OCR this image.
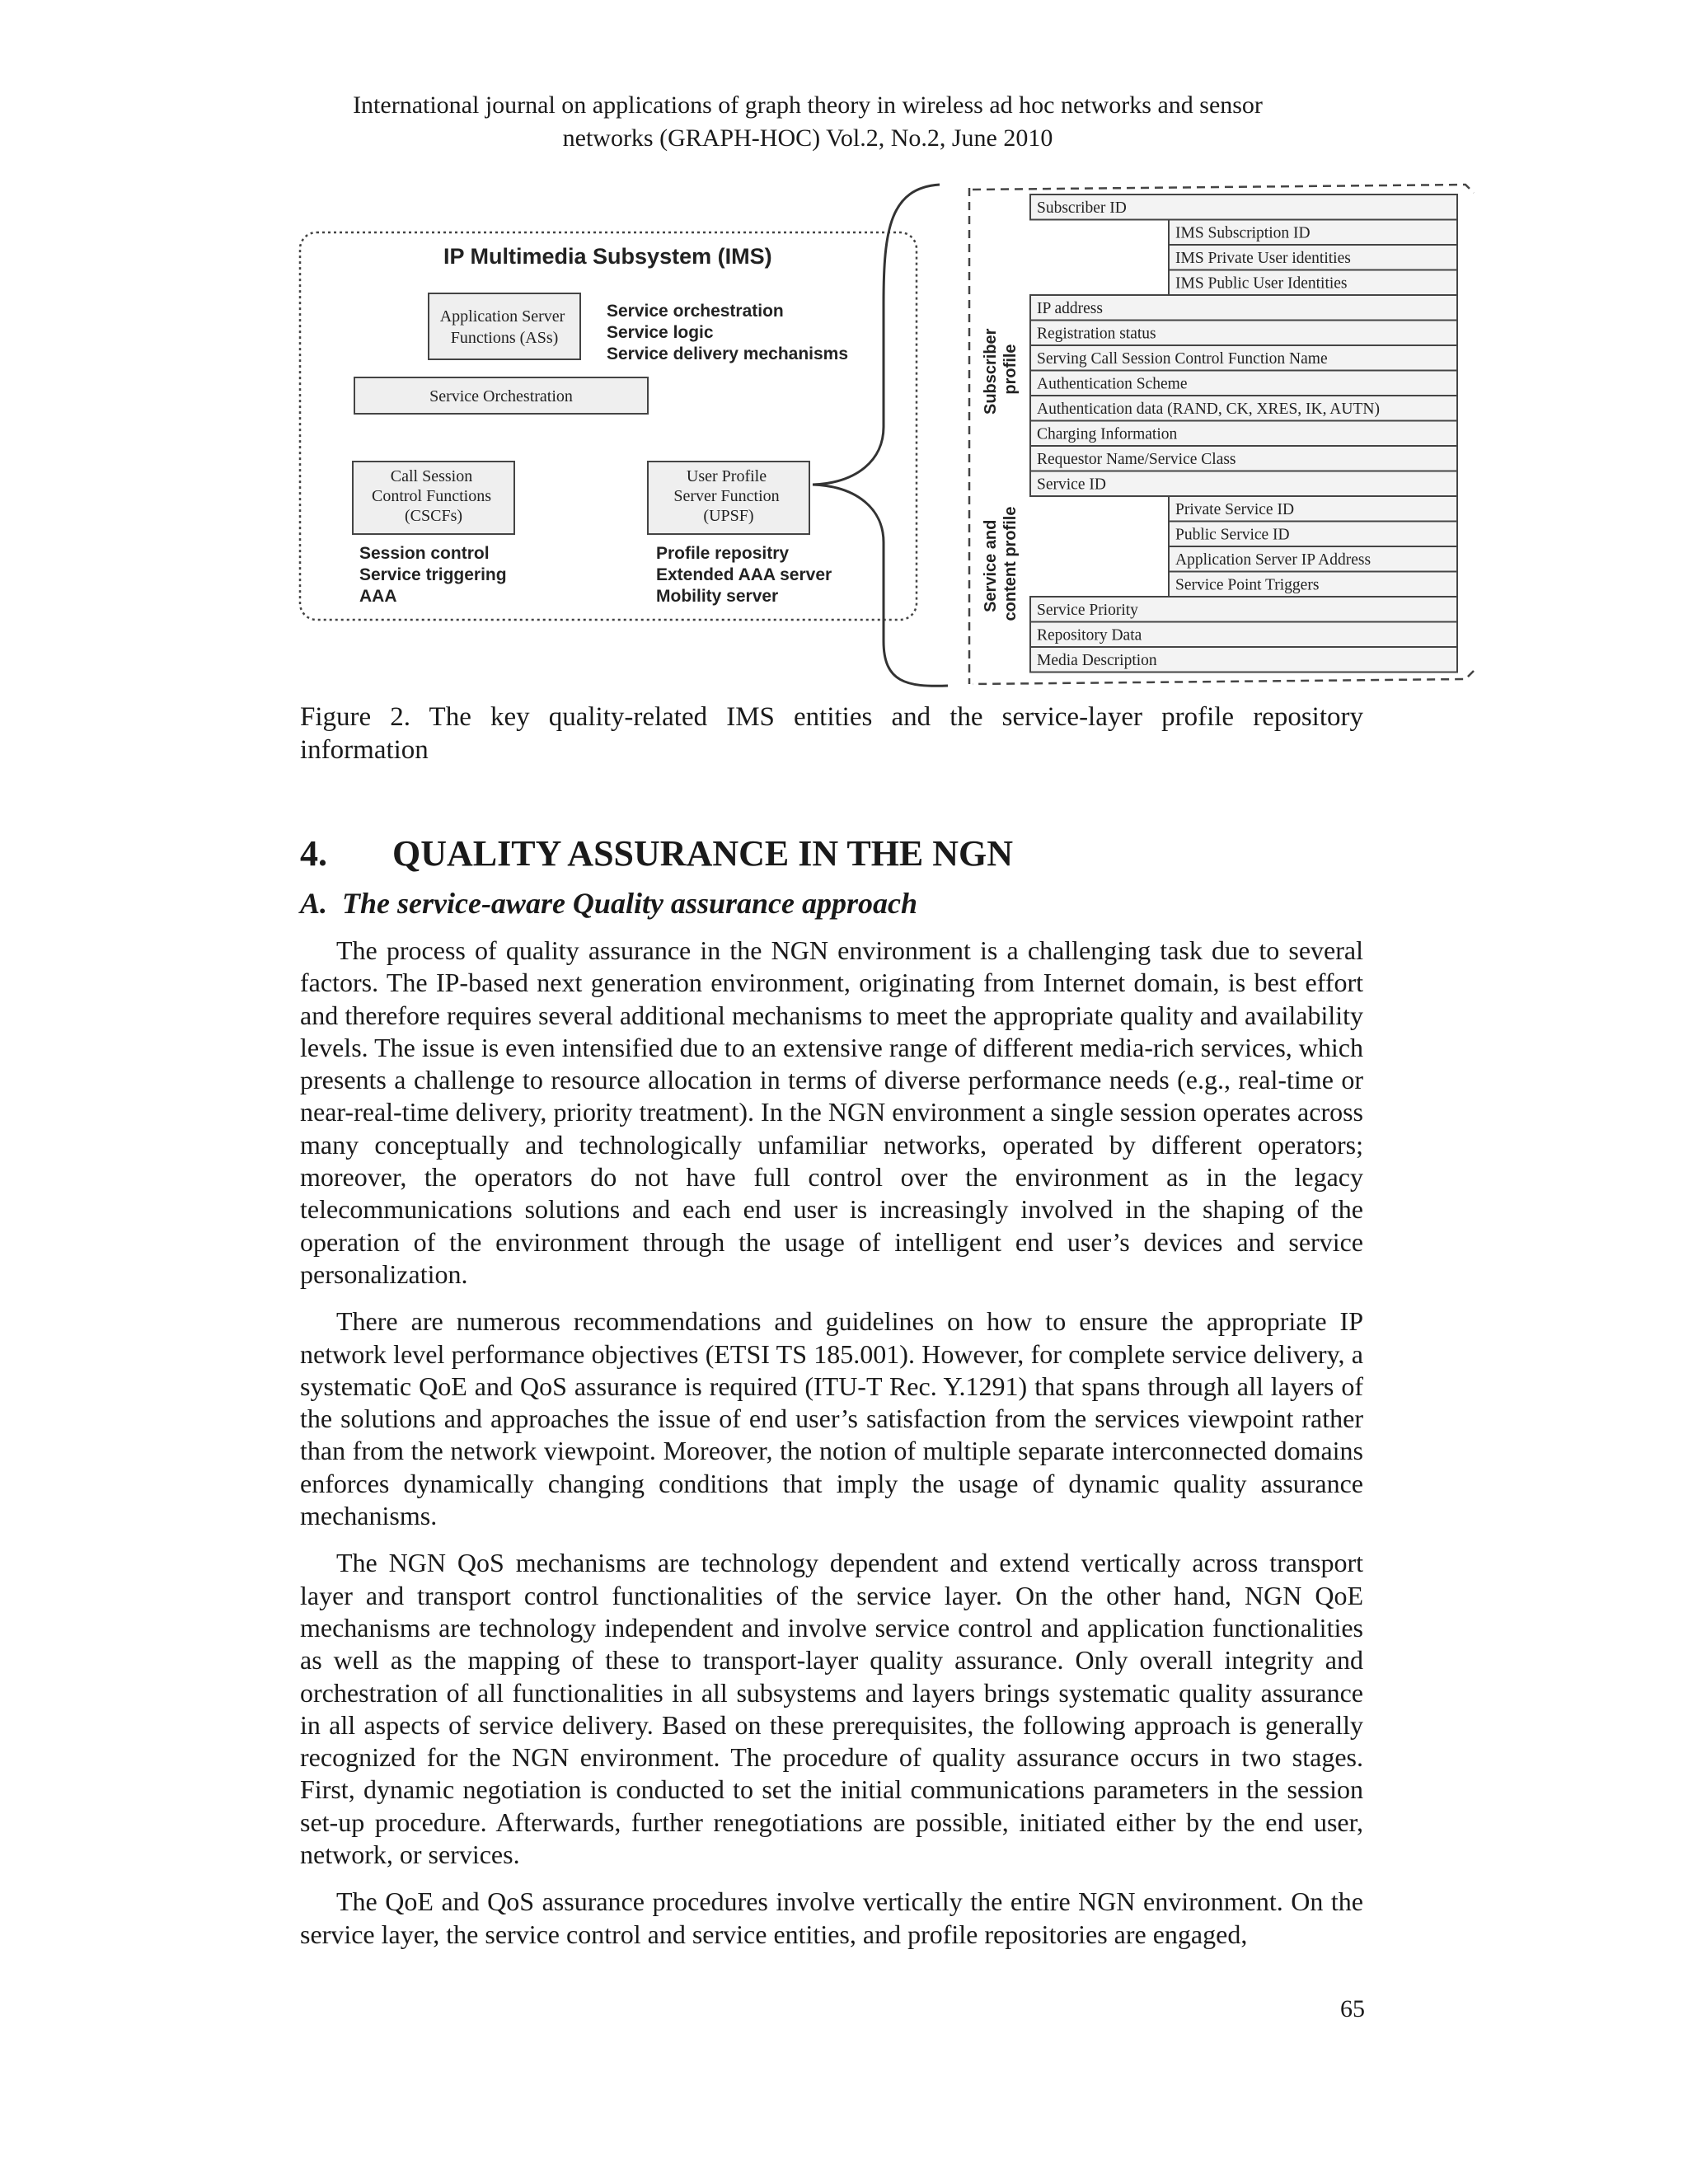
International journal on applications of graph theory in wireless ad hoc networks and sensor
networks (GRAPH-HOC) Vol.2, No.2, June 2010
IP Multimedia Subsystem (IMS)
Application Server Functions (ASs)
Service orchestration Service logic Service delivery mechanisms
Service Orchestration
Call Session Control Functions (CSCFs)
Session control Service triggering AAA
User Profile Server Function (UPSF)
Profile repositry Extended AAA server Mobility server
Subscriber profile
Service and content profile
Subscriber ID
IMS Subscription ID
IMS Private User identities
IMS Public User Identities
IP address
Registration status
Serving Call Session Control Function Name
Authentication Scheme
Authentication data (RAND, CK, XRES, IK, AUTN)
Charging Information
Requestor Name/Service Class
Service ID
Private Service ID
Public Service ID
Application Server IP Address
Service Point Triggers
Service Priority
Repository Data
Media Description
Figure 2. The key quality-related IMS entities and the service-layer profile repository information
4. QUALITY ASSURANCE IN THE NGN
A. The service-aware Quality assurance approach

The process of quality assurance in the NGN environment is a challenging task due to several factors. The IP-based next generation environment, originating from Internet domain, is best effort and therefore requires several additional mechanisms to meet the appropriate quality and availability levels. The issue is even intensified due to an extensive range of different media-rich services, which presents a challenge to resource allocation in terms of diverse performance needs (e.g., real-time or near-real-time delivery, priority treatment). In the NGN environment a single session operates across many conceptually and technologically unfamiliar networks, operated by different operators; moreover, the operators do not have full control over the environment as in the legacy telecommunications solutions and each end user is increasingly involved in the shaping of the operation of the environment through the usage of intelligent end user’s devices and service personalization.

There are numerous recommendations and guidelines on how to ensure the appropriate IP network level performance objectives (ETSI TS 185.001). However, for complete service delivery, a systematic QoE and QoS assurance is required (ITU-T Rec. Y.1291) that spans through all layers of the solutions and approaches the issue of end user’s satisfaction from the services viewpoint rather than from the network viewpoint. Moreover, the notion of multiple separate interconnected domains enforces dynamically changing conditions that imply the usage of dynamic quality assurance mechanisms.

The NGN QoS mechanisms are technology dependent and extend vertically across transport layer and transport control functionalities of the service layer. On the other hand, NGN QoE mechanisms are technology independent and involve service control and application functionalities as well as the mapping of these to transport-layer quality assurance. Only overall integrity and orchestration of all functionalities in all subsystems and layers brings systematic quality assurance in all aspects of service delivery. Based on these prerequisites, the following approach is generally recognized for the NGN environment. The procedure of quality assurance occurs in two stages. First, dynamic negotiation is conducted to set the initial communications parameters in the session set-up procedure. Afterwards, further renegotiations are possible, initiated either by the end user, network, or services.

The QoE and QoS assurance procedures involve vertically the entire NGN environment. On the service layer, the service control and service entities, and profile repositories are engaged,

65
